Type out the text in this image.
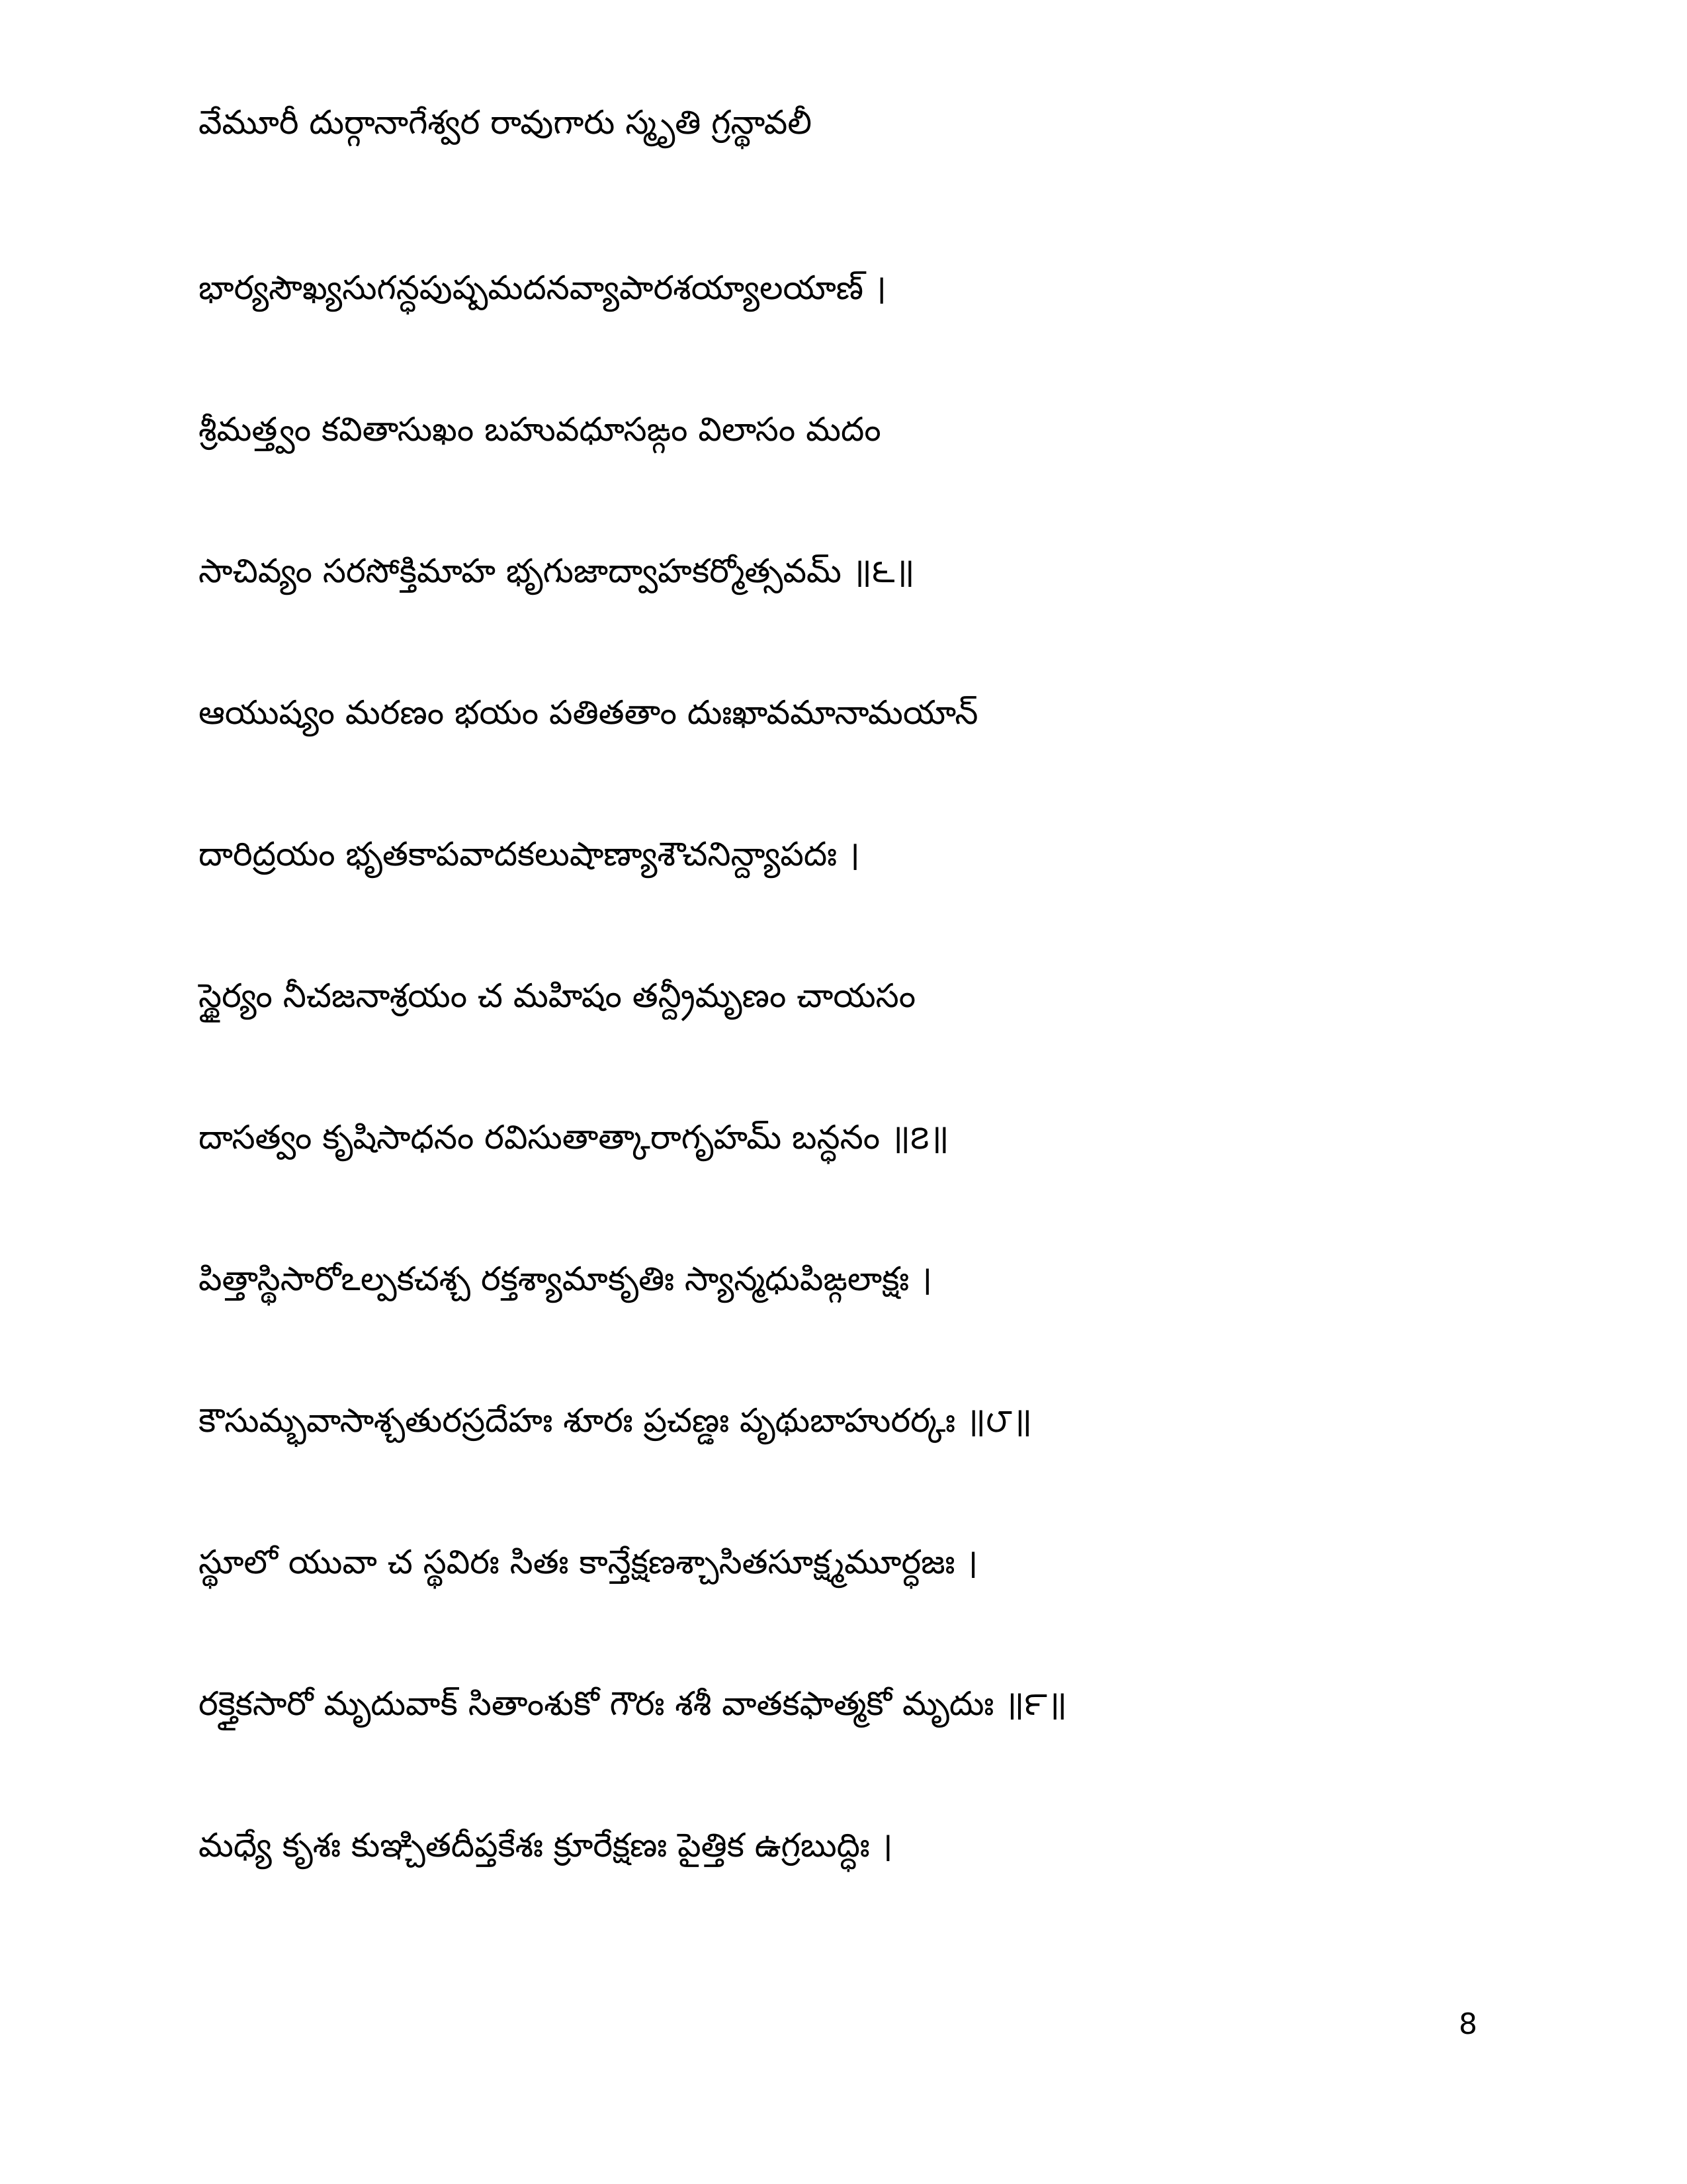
వేమూరీ దుర్గానాగేశ్వర రావుగారు స్మృతి గ్రన్థావలీ
భార్యసౌఖ్యసుగన్ధపుష్పమదనవ్యాపారశయ్యాలయాణ్ ।
శ్రీమత్త్వం కవితాసుఖం బహువధూసఙ్గం విలాసం మదం
సాచివ్యం సరసోక్తిమాహ భృగుజాద్వాహకర్మోత్సవమ్ ॥౬॥
ఆయుష్యం మరణం భయం పతితతాం దుఃఖావమానామయాన్
దారిద్రయం భృతకాపవాదకలుషాణ్యాశౌచనిన్ద్యాపదః ।
స్థైర్యం నీచజనాశ్రయం చ మహిషం తన్ద్రీమృణం చాయసం
దాసత్వం కృషిసాధనం రవిసుతాత్కారాగృహమ్ బన్ధనం ॥౭॥
పిత్తాస్థిసారోఽల్పకచశ్చ రక్తశ్యామాకృతిః స్యాన్మధుపిఙ్గలాక్షః ।
కౌసుమ్భవాసాశ్చతురస్రదేహః శూరః ప్రచణ్డః పృథుబాహురర్కః ॥౮॥
స్థూలో యువా చ స్థవిరః సితః కాన్తేక్షణశ్చాసితసూక్ష్మమూర్ధజః ।
రక్తైకసారో మృదువాక్ సితాంశుకో గౌరః శశీ వాతకఫాత్మకో మృదుః ॥౯॥
మధ్యే కృశః కుఞ్చితదీప్తకేశః క్రూరేక్షణః పైత్తిక ఉగ్రబుద్ధిః ।
8
